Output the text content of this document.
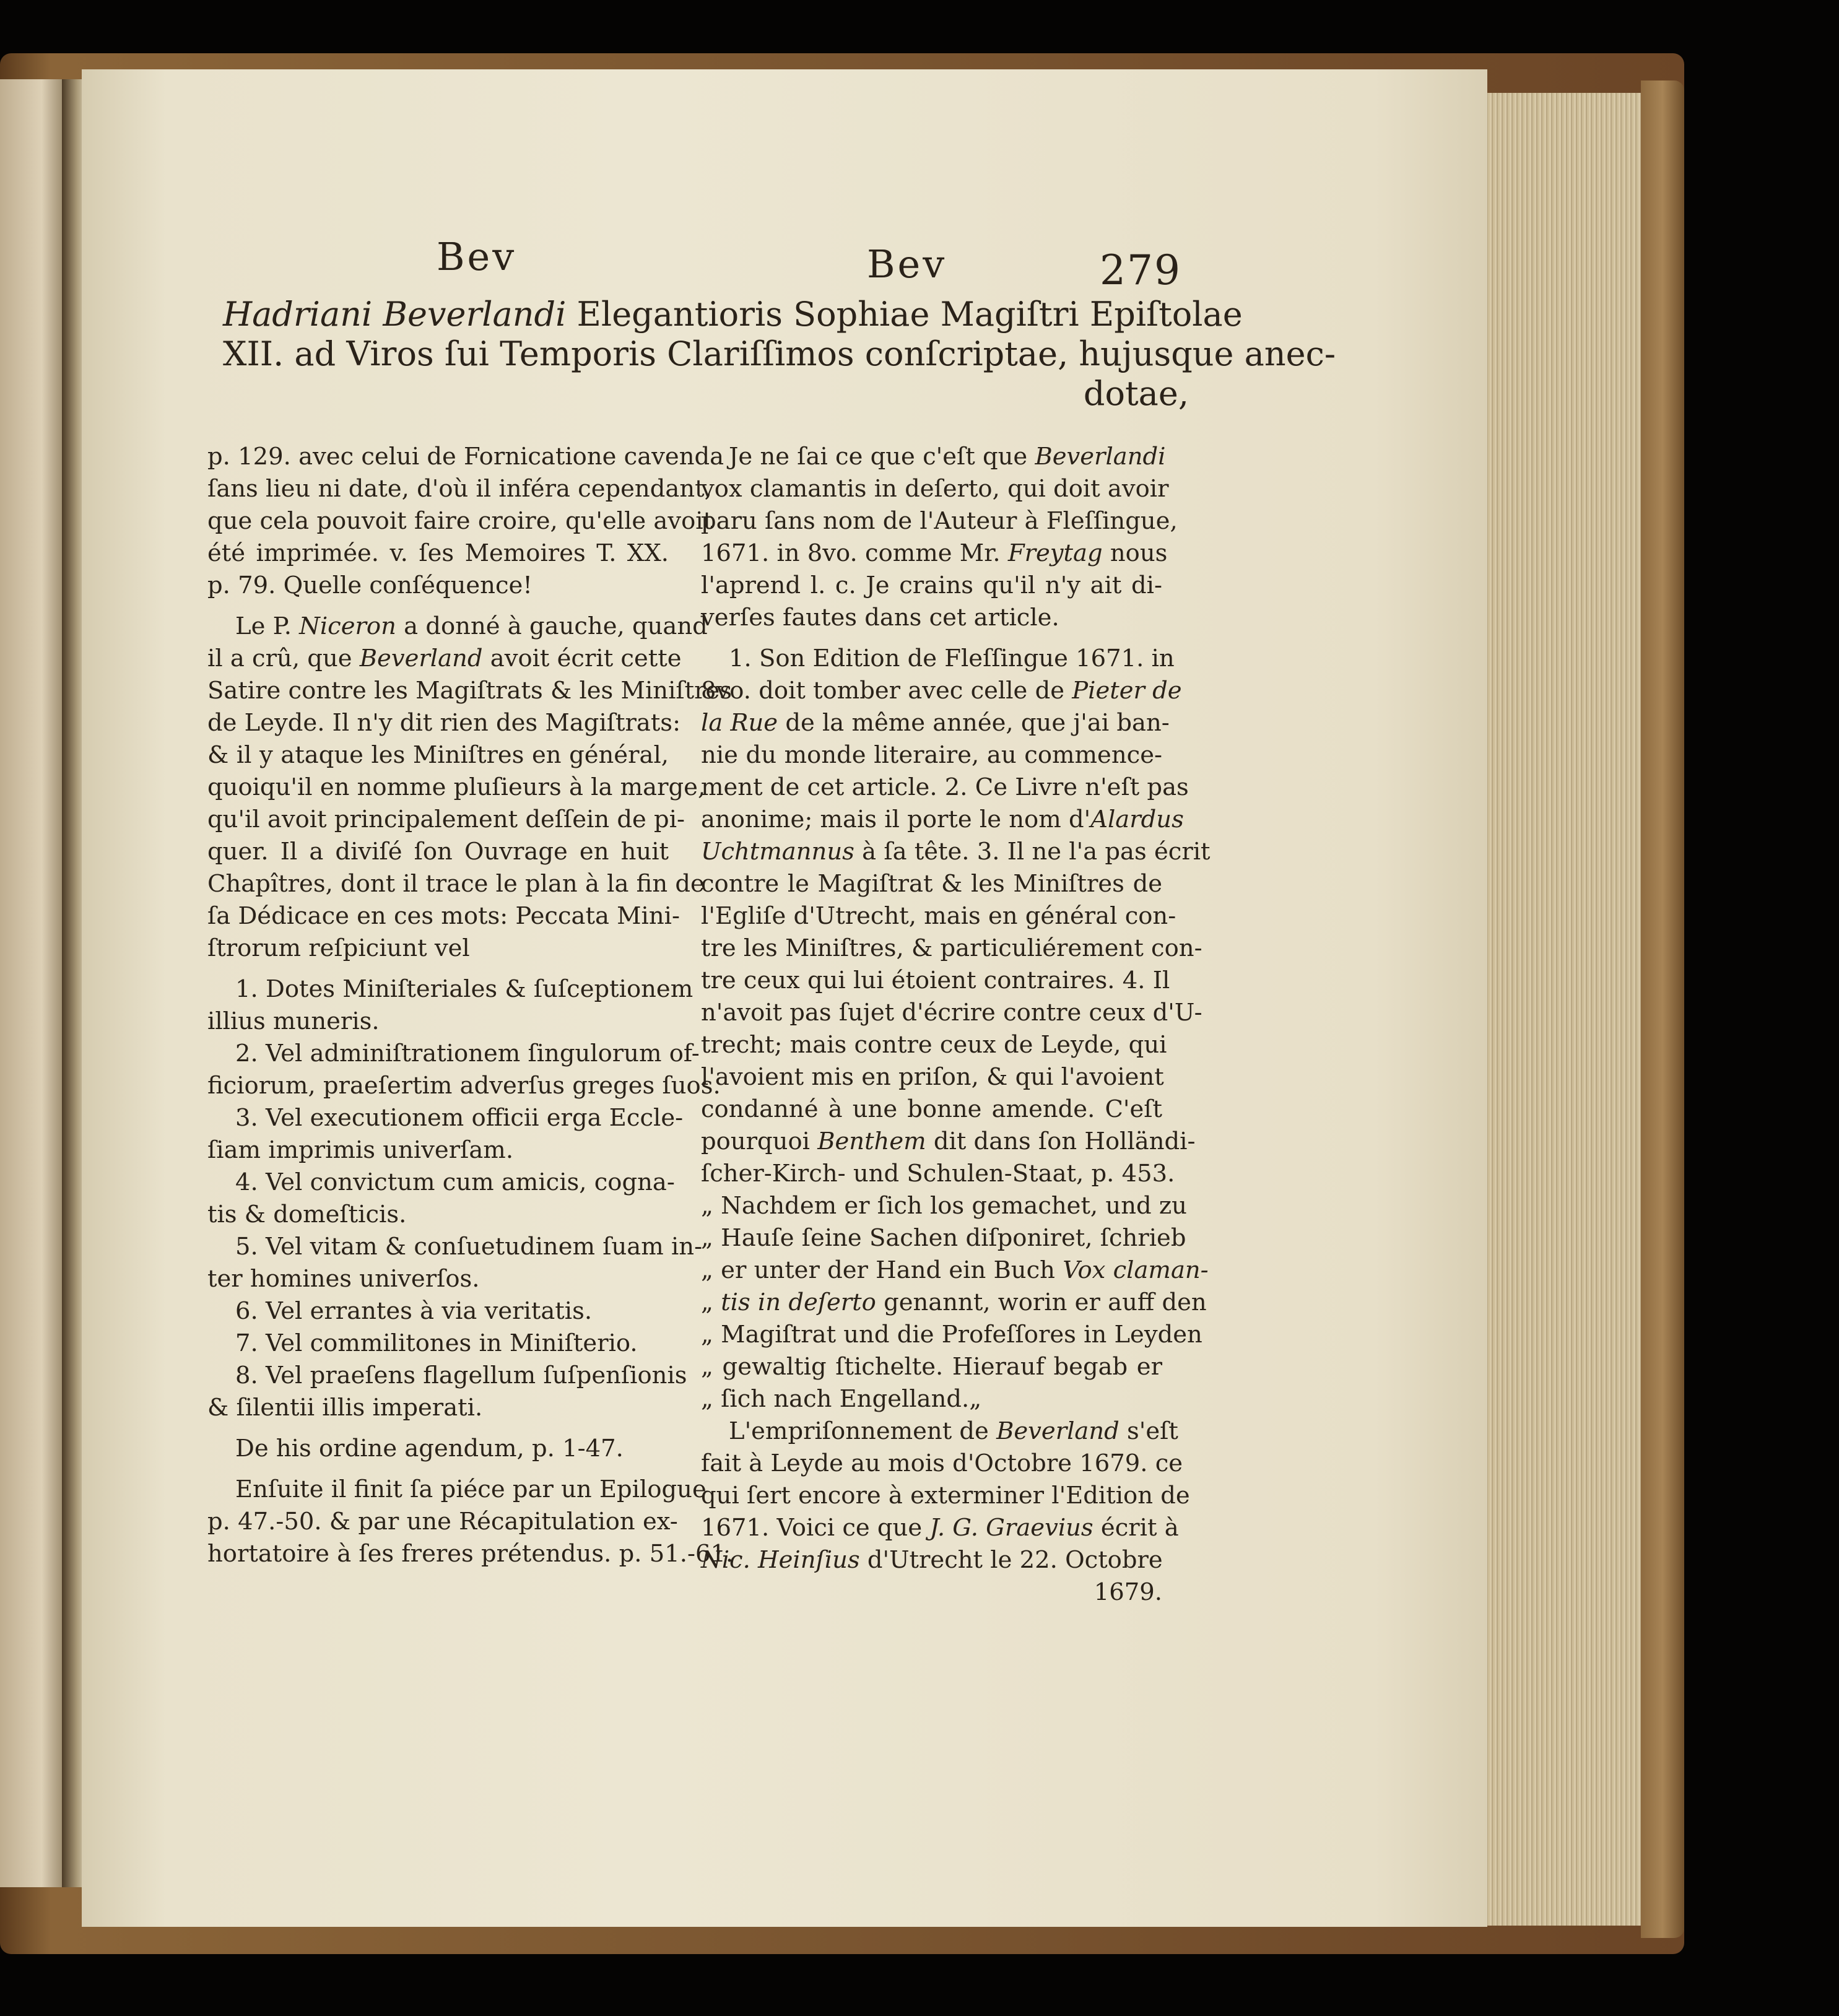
Bev	Bev	279
Hadriani Beverlandi Elegantioris Sophiae Magiſtri Epiſtolae
XII. ad Viros ſui Temporis Clariſſimos conſcriptae, hujusque anec-
dotae,

p. 129. avec celui de Fornicatione cavenda
ſans lieu ni date, d'où il inféra cependant,
que cela pouvoit faire croire, qu'elle avoit
été imprimée. v. ſes Memoires T. XX.
p. 79. Quelle conſéquence!

Le P. Niceron a donné à gauche, quand

il a crû, que Beverland avoit écrit cette
Satire contre les Magiſtrats & les Miniſtres
de Leyde. Il n'y dit rien des Magiſtrats:
& il y ataque les Miniſtres en général,
quoiqu'il en nomme pluſieurs à la marge,
qu'il avoit principalement deſſein de pi-
quer. Il a diviſé ſon Ouvrage en huit
Chapîtres, dont il trace le plan à la fin de
ſa Dédicace en ces mots: Peccata Mini-
ſtrorum reſpiciunt vel

1. Dotes Miniſteriales & ſuſceptionem
illius muneris.

2. Vel adminiſtrationem ſingulorum of-
ficiorum, praeſertim adverſus greges ſuos.

3. Vel executionem officii erga Eccle-
ſiam imprimis univerſam.

4. Vel convictum cum amicis, cogna-
tis & domeſticis.

5. Vel vitam & conſuetudinem ſuam in-
ter homines univerſos.

6. Vel errantes à via veritatis.

7. Vel commilitones in Miniſterio.

8. Vel praeſens flagellum ſuſpenſionis
& ſilentii illis imperati.

De his ordine agendum, p. 1-47.

Enſuite il finit ſa piéce par un Epilogue
p. 47.-50. & par une Récapitulation ex-
hortatoire à ſes freres prétendus. p. 51.-61.

Je ne ſai ce que c'eſt que Beverlandi
vox clamantis in deſerto, qui doit avoir
paru ſans nom de l'Auteur à Fleſſingue,
1671. in 8vo. comme Mr. Freytag nous
l'aprend l. c. Je crains qu'il n'y ait di-
verſes fautes dans cet article.
1. Son Edition de Fleſſingue 1671. in
8vo. doit tomber avec celle de Pieter de
la Rue de la même année, que j'ai ban-
nie du monde literaire, au commence-
ment de cet article. 2. Ce Livre n'eſt pas
anonime; mais il porte le nom d'Alardus
Uchtmannus à ſa tête. 3. Il ne l'a pas écrit
contre le Magiſtrat & les Miniſtres de
l'Egliſe d'Utrecht, mais en général con-
tre les Miniſtres, & particuliérement con-
tre ceux qui lui étoient contraires. 4. Il
n'avoit pas ſujet d'écrire contre ceux d'U-
trecht; mais contre ceux de Leyde, qui
l'avoient mis en priſon, & qui l'avoient
condanné à une bonne amende. C'eſt
pourquoi Benthem dit dans ſon Holländi-
ſcher-Kirch- und Schulen-Staat, p. 453.
„ Nachdem er ſich los gemachet, und zu
„ Hauſe ſeine Sachen diſponiret, ſchrieb
„ er unter der Hand ein Buch Vox claman-
„ tis in deſerto genannt, worin er auff den
„ Magiſtrat und die Profeſſores in Leyden
„ gewaltig ſtichelte. Hierauf begab er
„ ſich nach Engelland.„
L'empriſonnement de Beverland s'eſt
fait à Leyde au mois d'Octobre 1679. ce
qui ſert encore à exterminer l'Edition de
1671. Voici ce que J. G. Graevius écrit à
Nic. Heinſius d'Utrecht le 22. Octobre
1679.
